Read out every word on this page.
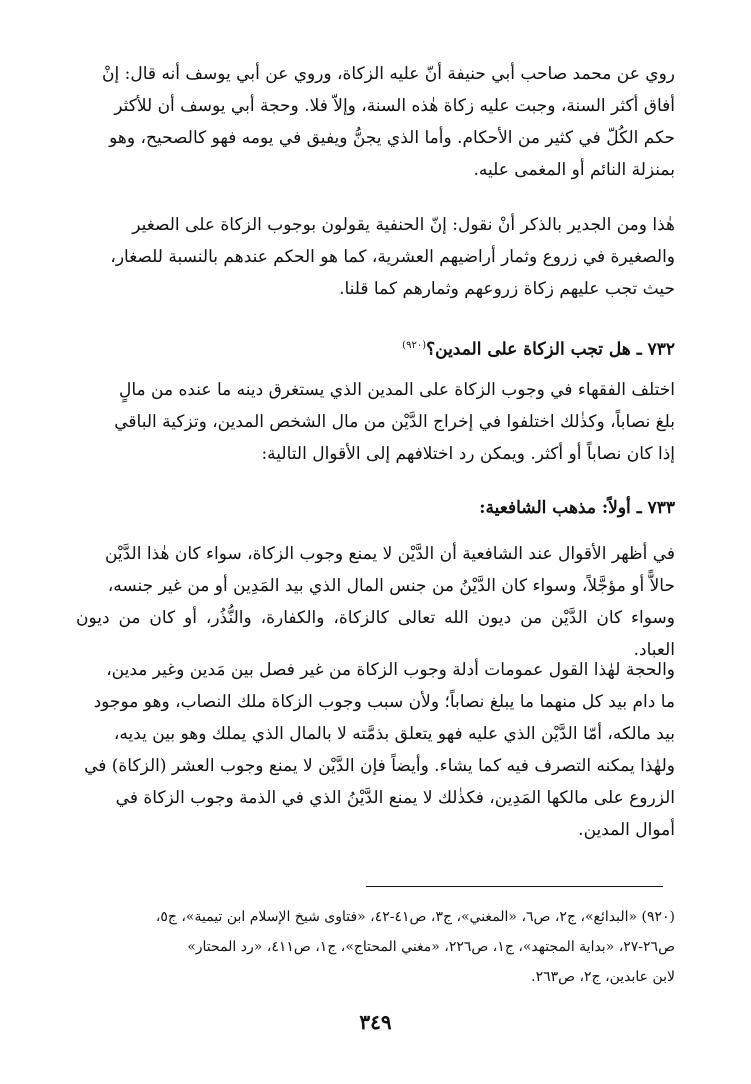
روي عن محمد صاحب أبي حنيفة أنّ عليه الزكاة، وروي عن أبي يوسف أنه قال: إنْ
أفاق أكثر السنة، وجبت عليه زكاة هٰذه السنة، وإلاّ فلا. وحجة أبي يوسف أن للأكثر
حكم الكُلّ في كثير من الأحكام. وأما الذي يجنُّ ويفيق في يومه فهو كالصحيح، وهو
بمنزلة النائم أو المغمى عليه.
هٰذا ومن الجدير بالذكر أنْ نقول: إنّ الحنفية يقولون بوجوب الزكاة على الصغير
والصغيرة في زروع وثمار أراضيهم العشرية، كما هو الحكم عندهم بالنسبة للصغار،
حيث تجب عليهم زكاة زروعهم وثمارهم كما قلنا.
٧٣٢ ـ هل تجب الزكاة على المدين؟$^{(٩٢٠)}$
اختلف الفقهاء في وجوب الزكاة على المدين الذي يستغرق دينه ما عنده من مالٍ
بلغ نصاباً، وكذٰلك اختلفوا في إخراج الدَّيْن من مال الشخص المدين، وتزكية الباقي
إذا كان نصاباً أو أكثر. ويمكن رد اختلافهم إلى الأقوال التالية:
٧٣٣ ـ أولاً: مذهب الشافعية:
في أظهر الأقوال عند الشافعية أن الدَّيْن لا يمنع وجوب الزكاة، سواء كان هٰذا الدَّيْن
حالاًّ أو مؤجَّلاً، وسواء كان الدَّيْنُ من جنس المال الذي بيد المَدِين أو من غير جنسه،
وسواء كان الدَّيْن من ديون الله تعالى كالزكاة، والكفارة، والنُّذُر، أو كان من ديون العباد.
والحجة لهٰذا القول عمومات أدلة وجوب الزكاة من غير فصل بين مَدين وغير مدين،
ما دام بيد كل منهما ما يبلغ نصاباً؛ ولأن سبب وجوب الزكاة ملك النصاب، وهو موجود
بيد مالكه، أمّا الدَّيْن الذي عليه فهو يتعلق بذمَّته لا بالمال الذي يملك وهو بين يديه،
ولهٰذا يمكنه التصرف فيه كما يشاء. وأيضاً فإن الدَّيْن لا يمنع وجوب العشر (الزكاة) في
الزروع على مالكها المَدِين، فكذٰلك لا يمنع الدَّيْنُ الذي في الذمة وجوب الزكاة في
أموال المدين.
(٩٢٠) «البدائع»، ج٢، ص٦، «المغني»، ج٣، ص٤١-٤٢، «فتاوى شيخ الإسلام ابن تيمية»، ج٥،
ص٢٦-٢٧، «بداية المجتهد»، ج١، ص٢٢٦، «مغني المحتاج»، ج١، ص٤١١، «رد المحتار»
لابن عابدين، ج٢، ص٢٦٣.
٣٤٩
